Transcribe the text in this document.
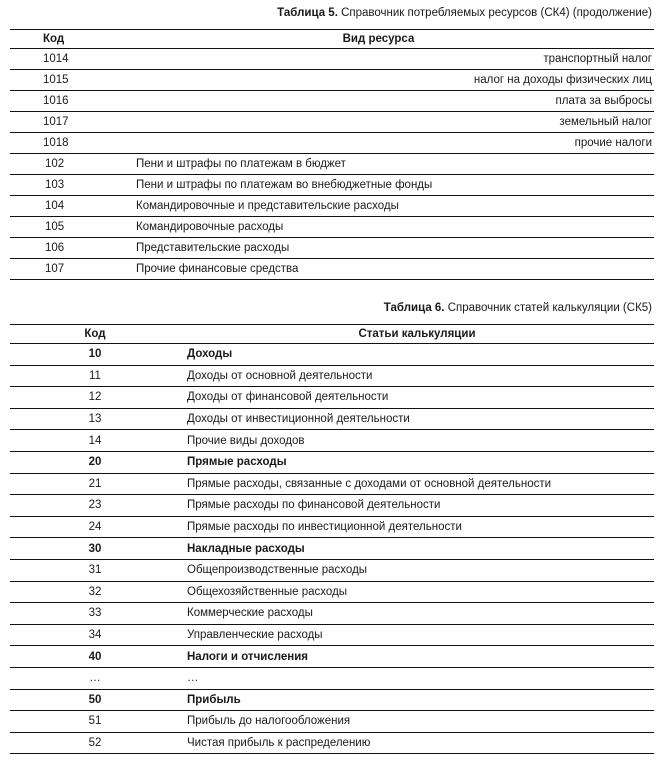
Таблица 5. Справочник потребляемых ресурсов (СК4) (продолжение)
Код	Вид ресурса
1014	транспортный налог
1015	налог на доходы физических лиц
1016	плата за выбросы
1017	земельный налог
1018	прочие налоги
102	Пени и штрафы по платежам в бюджет
103	Пени и штрафы по платежам во внебюджетные фонды
104	Командировочные и представительские расходы
105	Командировочные расходы
106	Представительские расходы
107	Прочие финансовые средства
Таблица 6. Справочник статей калькуляции (СК5)
Код	Статьи калькуляции
10	Доходы
11	Доходы от основной деятельности
12	Доходы от финансовой деятельности
13	Доходы от инвестиционной деятельности
14	Прочие виды доходов
20	Прямые расходы
21	Прямые расходы, связанные с доходами от основной деятельности
23	Прямые расходы по финансовой деятельности
24	Прямые расходы по инвестиционной деятельности
30	Накладные расходы
31	Общепроизводственные расходы
32	Общехозяйственные расходы
33	Коммерческие расходы
34	Управленческие расходы
40	Налоги и отчисления
…	…
50	Прибыль
51	Прибыль до налогообложения
52	Чистая прибыль к распределению
